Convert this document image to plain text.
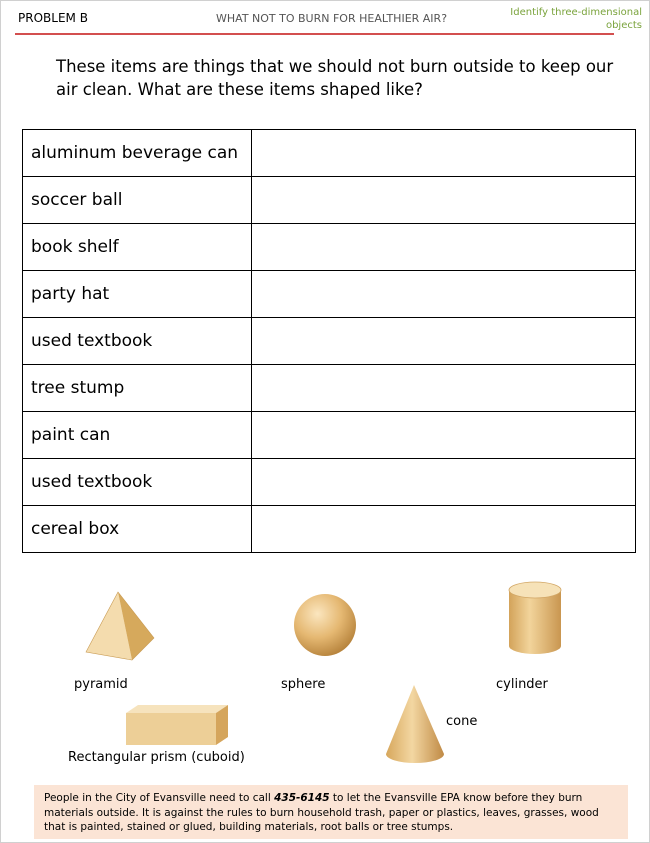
PROBLEM B	WHAT NOT TO BURN FOR HEALTHIER AIR?	Identify three-dimensional objects
These items are things that we should not burn outside to keep our air clean. What are these items shaped like?
aluminum beverage can	
soccer ball	
book shelf	
party hat	
used textbook	
tree stump	
paint can	
used textbook	
cereal box	
pyramid	sphere	cylinder
cone
Rectangular prism (cuboid)
People in the City of Evansville need to call 435-6145 to let the Evansville EPA know before they burn materials outside. It is against the rules to burn household trash, paper or plastics, leaves, grasses, wood that is painted, stained or glued, building materials, root balls or tree stumps.
